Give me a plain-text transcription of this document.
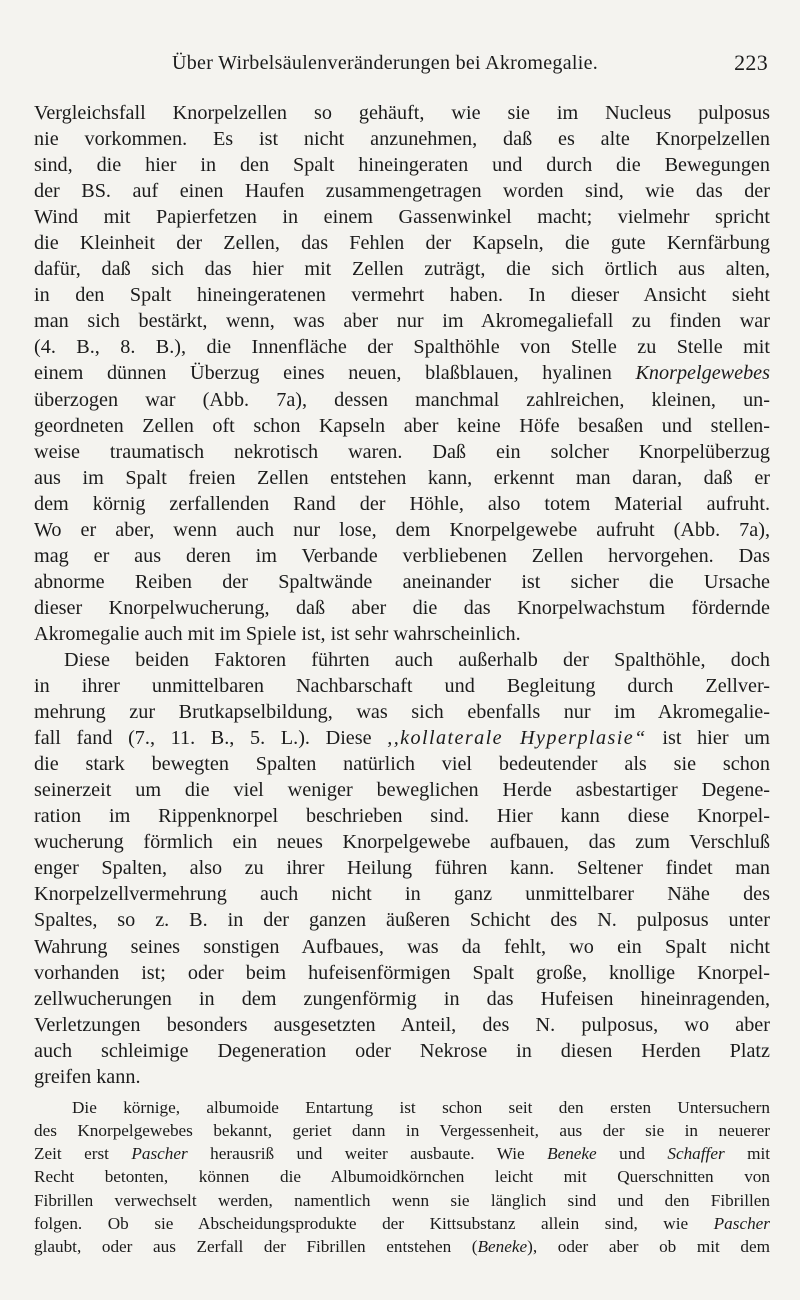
Über Wirbelsäulenveränderungen bei Akromegalie.	223
Vergleichsfall Knorpelzellen so gehäuft, wie sie im Nucleus pulposus
nie vorkommen. Es ist nicht anzunehmen, daß es alte Knorpelzellen
sind, die hier in den Spalt hineingeraten und durch die Bewegungen
der BS. auf einen Haufen zusammengetragen worden sind, wie das der
Wind mit Papierfetzen in einem Gassenwinkel macht; vielmehr spricht
die Kleinheit der Zellen, das Fehlen der Kapseln, die gute Kernfärbung
dafür, daß sich das hier mit Zellen zuträgt, die sich örtlich aus alten,
in den Spalt hineingeratenen vermehrt haben. In dieser Ansicht sieht
man sich bestärkt, wenn, was aber nur im Akromegaliefall zu finden war
(4. B., 8. B.), die Innenfläche der Spalthöhle von Stelle zu Stelle mit
einem dünnen Überzug eines neuen, blaßblauen, hyalinen Knorpelgewebes
überzogen war (Abb. 7a), dessen manchmal zahlreichen, kleinen, un-
geordneten Zellen oft schon Kapseln aber keine Höfe besaßen und stellen-
weise traumatisch nekrotisch waren. Daß ein solcher Knorpelüberzug
aus im Spalt freien Zellen entstehen kann, erkennt man daran, daß er
dem körnig zerfallenden Rand der Höhle, also totem Material aufruht.
Wo er aber, wenn auch nur lose, dem Knorpelgewebe aufruht (Abb. 7a),
mag er aus deren im Verbande verbliebenen Zellen hervorgehen. Das
abnorme Reiben der Spaltwände aneinander ist sicher die Ursache
dieser Knorpelwucherung, daß aber die das Knorpelwachstum fördernde
Akromegalie auch mit im Spiele ist, ist sehr wahrscheinlich.
Diese beiden Faktoren führten auch außerhalb der Spalthöhle, doch
in ihrer unmittelbaren Nachbarschaft und Begleitung durch Zellver-
mehrung zur Brutkapselbildung, was sich ebenfalls nur im Akromegalie-
fall fand (7., 11. B., 5. L.). Diese ,,kollaterale Hyperplasie“ ist hier um
die stark bewegten Spalten natürlich viel bedeutender als sie schon
seinerzeit um die viel weniger beweglichen Herde asbestartiger Degene-
ration im Rippenknorpel beschrieben sind. Hier kann diese Knorpel-
wucherung förmlich ein neues Knorpelgewebe aufbauen, das zum Verschluß
enger Spalten, also zu ihrer Heilung führen kann. Seltener findet man
Knorpelzellvermehrung auch nicht in ganz unmittelbarer Nähe des
Spaltes, so z. B. in der ganzen äußeren Schicht des N. pulposus unter
Wahrung seines sonstigen Aufbaues, was da fehlt, wo ein Spalt nicht
vorhanden ist; oder beim hufeisenförmigen Spalt große, knollige Knorpel-
zellwucherungen in dem zungenförmig in das Hufeisen hineinragenden,
Verletzungen besonders ausgesetzten Anteil, des N. pulposus, wo aber
auch schleimige Degeneration oder Nekrose in diesen Herden Platz
greifen kann.
Die körnige, albumoide Entartung ist schon seit den ersten Untersuchern
des Knorpelgewebes bekannt, geriet dann in Vergessenheit, aus der sie in neuerer
Zeit erst Pascher herausriß und weiter ausbaute. Wie Beneke und Schaffer mit
Recht betonten, können die Albumoidkörnchen leicht mit Querschnitten von
Fibrillen verwechselt werden, namentlich wenn sie länglich sind und den Fibrillen
folgen. Ob sie Abscheidungsprodukte der Kittsubstanz allein sind, wie Pascher
glaubt, oder aus Zerfall der Fibrillen entstehen (Beneke), oder aber ob mit dem
